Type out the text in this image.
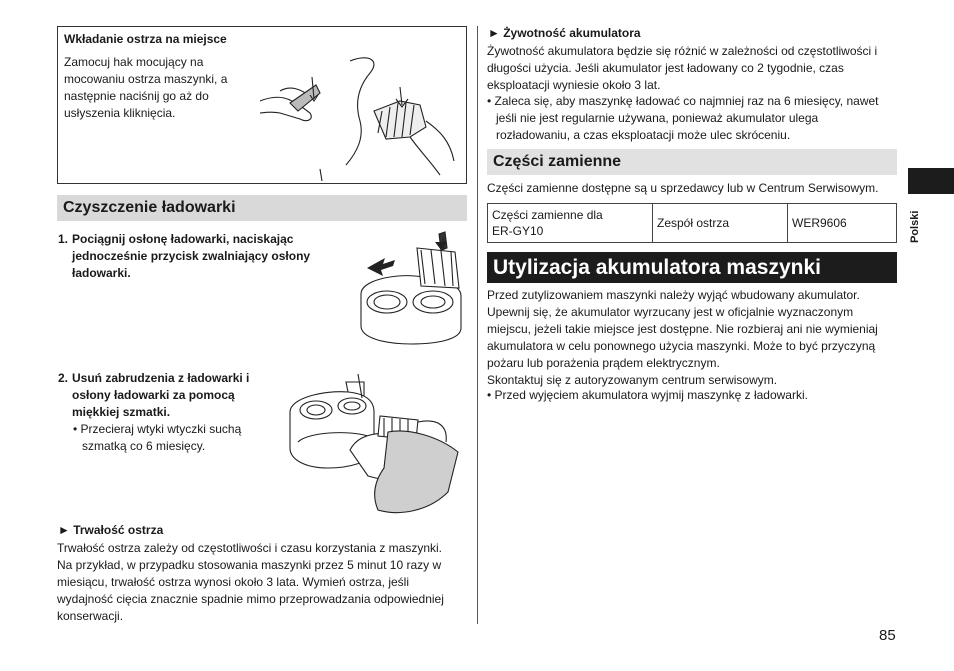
Wkładanie ostrza na miejsce
Zamocuj hak mocujący na
mocowaniu ostrza maszynki, a
następnie naciśnij go aż do
usłyszenia kliknięcia.
Czyszczenie ładowarki
1. Pociągnij osłonę ładowarki, naciskając
jednocześnie przycisk zwalniający osłony
ładowarki.
2. Usuń zabrudzenia z ładowarki i
osłony ładowarki za pomocą
miękkiej szmatki.
• Przecieraj wtyki wtyczki suchą
szmatką co 6 miesięcy.
► Trwałość ostrza
Trwałość ostrza zależy od częstotliwości i czasu korzystania z maszynki.
Na przykład, w przypadku stosowania maszynki przez 5 minut 10 razy w
miesiącu, trwałość ostrza wynosi około 3 lata. Wymień ostrza, jeśli
wydajność cięcia znacznie spadnie mimo przeprowadzania odpowiedniej
konserwacji.
► Żywotność akumulatora
Żywotność akumulatora będzie się różnić w zależności od częstotliwości i
długości użycia. Jeśli akumulator jest ładowany co 2 tygodnie, czas
eksploatacji wyniesie około 3 lat.
• Zaleca się, aby maszynkę ładować co najmniej raz na 6 miesięcy, nawet
jeśli nie jest regularnie używana, ponieważ akumulator ulega
rozładowaniu, a czas eksploatacji może ulec skróceniu.
Części zamienne
Części zamienne dostępne są u sprzedawcy lub w Centrum Serwisowym.
Części zamienne dla
ER-GY10
	Zespół ostrza	WER9606
Utylizacja akumulatora maszynki
Przed zutylizowaniem maszynki należy wyjąć wbudowany akumulator.
Upewnij się, że akumulator wyrzucany jest w oficjalnie wyznaczonym
miejscu, jeżeli takie miejsce jest dostępne. Nie rozbieraj ani nie wymieniaj
akumulatora w celu ponownego użycia maszynki. Może to być przyczyną
pożaru lub porażenia prądem elektrycznym.
Skontaktuj się z autoryzowanym centrum serwisowym.
• Przed wyjęciem akumulatora wyjmij maszynkę z ładowarki.
Polski
85
